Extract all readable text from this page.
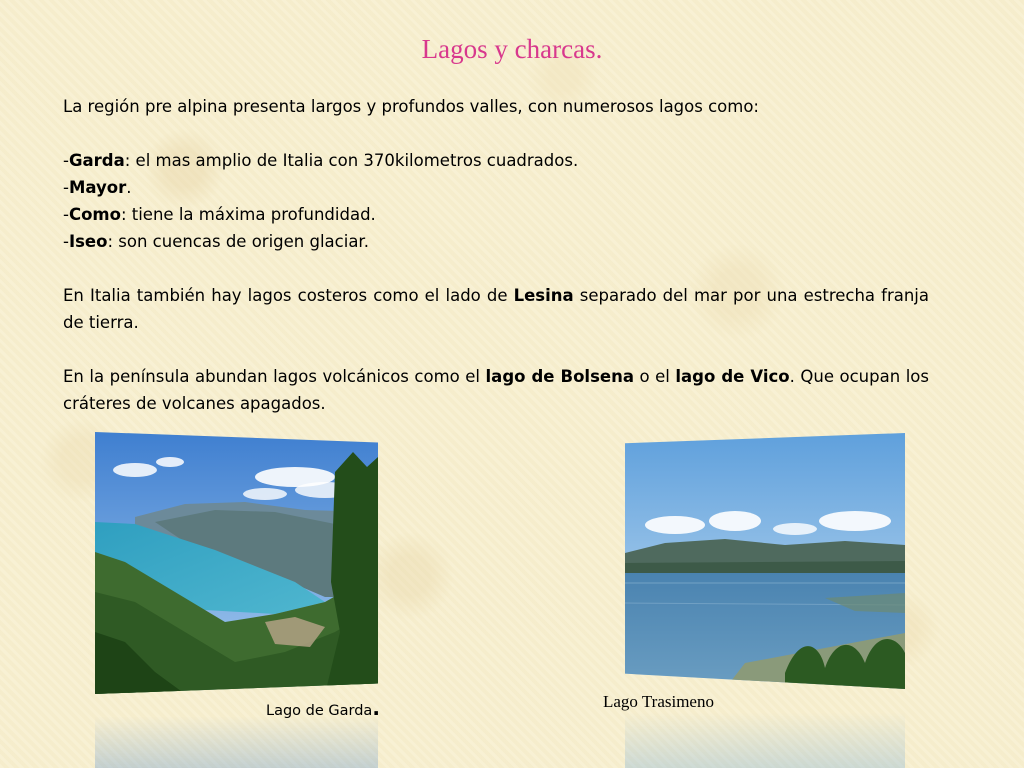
Lagos y charcas.

La región pre alpina presenta largos y profundos valles, con numerosos lagos como:

-Garda: el mas amplio de Italia con 370kilometros cuadrados.

-Mayor.

-Como: tiene la máxima profundidad.

-Iseo: son cuencas de origen glaciar.

En Italia también hay lagos costeros como el lado de Lesina separado del mar por una estrecha franja de tierra.

En la península abundan lagos volcánicos como el lago de Bolsena o el lago de Vico. Que ocupan los cráteres de volcanes apagados.

Lago de Garda.	Lago Trasimeno
